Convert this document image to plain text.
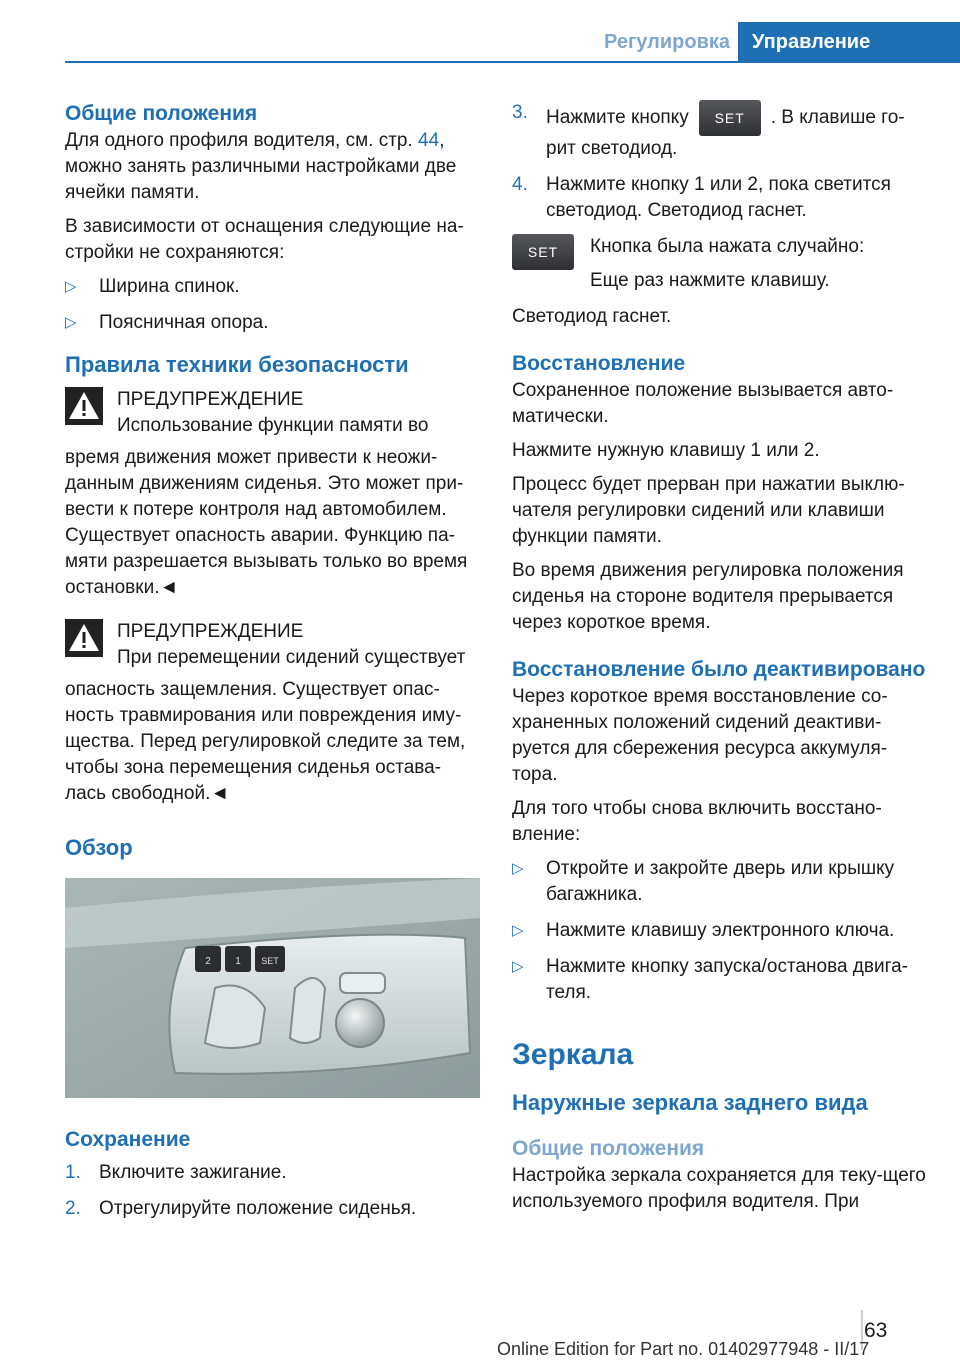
Регулировка	Управление
Общие положения

Для одного профиля водителя, см. стр. 44, можно занять различными настройками две ячейки памяти.

В зависимости от оснащения следующие на-стройки не сохраняются:

▷ Ширина спинок.
▷ Поясничная опора.
Правила техники безопасности
ПРЕДУПРЕЖДЕНИЕ
Использование функции памяти во

время движения может привести к неожи-данным движениям сиденья. Это может при-вести к потере контроля над автомобилем. Существует опасность аварии. Функцию па-мяти разрешается вызывать только во время остановки.◄

ПРЕДУПРЕЖДЕНИЕ
При перемещении сидений существует

опасность защемления. Существует опас-ность травмирования или повреждения иму-щества. Перед регулировкой следите за тем, чтобы зона перемещения сиденья остава-лась свободной.◄

Обзор
2 1 SET
Сохранение
1. Включите зажигание.
2. Отрегулируйте положение сиденья.
3. Нажмите кнопку SET . В клавише го-рит светодиод.
4. Нажмите кнопку 1 или 2, пока светится светодиод. Светодиод гаснет.
SET	Кнопка была нажата случайно:
Еще раз нажмите клавишу.

Светодиод гаснет.

Восстановление

Сохраненное положение вызывается авто-матически.

Нажмите нужную клавишу 1 или 2.

Процесс будет прерван при нажатии выклю-чателя регулировки сидений или клавиши функции памяти.

Во время движения регулировка положения сиденья на стороне водителя прерывается через короткое время.

Восстановление было деактивировано

Через короткое время восстановление со-храненных положений сидений деактиви-руется для сбережения ресурса аккумуля-тора.

Для того чтобы снова включить восстано-вление:

▷ Откройте и закройте дверь или крышку багажника.
▷ Нажмите клавишу электронного ключа.
▷ Нажмите кнопку запуска/останова двига-теля.
Зеркала
Наружные зеркала заднего вида
Общие положения

Настройка зеркала сохраняется для теку-щего используемого профиля водителя. При

63
Online Edition for Part no. 01402977948 - II/17
